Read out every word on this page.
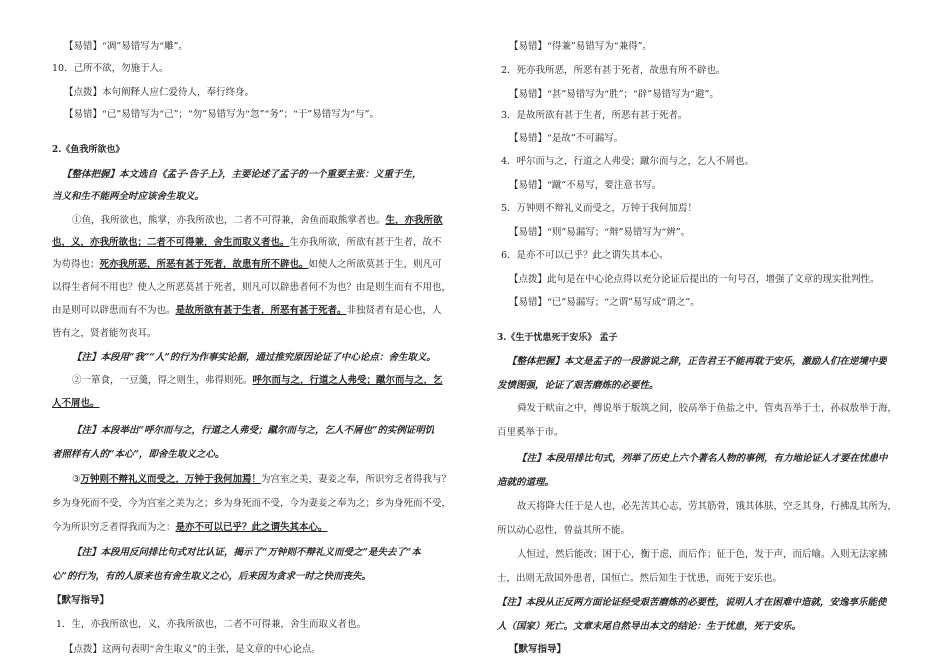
【易错】“凋”易错写为“雕”。
10．己所不欲，勿施于人。
【点拨】本句阐释人应仁爱待人，奉行终身。
【易错】“已”易错写为“己”；“勿”易错写为“忽”“务”；“于”易错写为“与”。
2.《鱼我所欲也》
【整体把握】本文选自《孟子·告子上》，主要论述了孟子的一个重要主张：义重于生，
当义和生不能两全时应该舍生取义。
①鱼，我所欲也，熊掌，亦我所欲也，二者不可得兼，舍鱼而取熊掌者也。生，亦我所欲
也，义，亦我所欲也；二者不可得兼，舍生而取义者也。生亦我所欲，所欲有甚于生者，故不
为苟得也；死亦我所恶，所恶有甚于死者，故患有所不辟也。如使人之所欲莫甚于生，则凡可
以得生者何不用也？使人之所恶莫甚于死者，则凡可以辟患者何不为也？由是则生而有不用也，
由是则可以辟患而有不为也。是故所欲有甚于生者，所恶有甚于死者。非独贤者有是心也，人
皆有之，贤者能勿丧耳。
【注】本段用“我”“人”的行为作事实论据，通过推究原因论证了中心论点：舍生取义。
②一箪食，一豆羹，得之则生，弗得则死。呼尔而与之，行道之人弗受；蹴尔而与之，乞
人不屑也。
【注】本段举出“呼尔而与之，行道之人弗受；蹴尔而与之，乞人不屑也”的实例证明饥
者照样有人的“本心”，即舍生取义之心。
③万钟则不辩礼义而受之，万钟于我何加焉！为宫室之美，妻妾之奉，所识穷乏者得我与？
乡为身死而不受，今为宫室之美为之；乡为身死而不受，今为妻妾之奉为之；乡为身死而不受，
今为所识穷乏者得我而为之：是亦不可以已乎？此之谓失其本心。
【注】本段用反问排比句式对比认证，揭示了“万钟则不辩礼义而受之”是失去了“本
心”的行为，有的人原来也有舍生取义之心，后来因为贪求一时之快而丧失。
【默写指导】
1．生，亦我所欲也，义，亦我所欲也，二者不可得兼，舍生而取义者也。
【点拨】这两句表明“舍生取义”的主张，是文章的中心论点。
【易错】“得兼”易错写为“兼得”。
2．死亦我所恶，所恶有甚于死者，故患有所不辟也。
【易错】“甚”易错写为“胜”；“辟”易错写为“避”。
3．是故所欲有甚于生者，所恶有甚于死者。
【易错】“是故”不可漏写。
4．呼尔而与之，行道之人弗受；蹴尔而与之，乞人不屑也。
【易错】“蹴”不易写，要注意书写。
5．万钟则不辩礼义而受之，万钟于我何加焉！
【易错】“则”易漏写；“辩”易错写为“辨”。
6．是亦不可以已乎？此之谓失其本心。
【点拨】此句是在中心论点得以充分论证后提出的一句号召，增强了文章的现实批判性。
【易错】“已”易漏写；“之谓”易写成“谓之”。
3.《生于忧患死于安乐》 孟子
【整体把握】本文是孟子的一段游说之辞，正告君王不能再耽于安乐，激励人们在逆境中要
发愤图强，论证了艰苦磨炼的必要性。
舜发于畎亩之中，傅说举于版筑之间，胶鬲举于鱼盐之中，管夷吾举于士，孙叔敖举于海，
百里奚举于市。
【注】本段用排比句式，列举了历史上六个著名人物的事例，有力地论证人才要在忧患中
造就的道理。
故天将降大任于是人也，必先苦其心志，劳其筋骨，饿其体肤，空乏其身，行拂乱其所为，
所以动心忍性，曾益其所不能。
人恒过，然后能改；困于心，衡于虑，而后作；征于色，发于声，而后喻。入则无法家拂
士，出则无敌国外患者，国恒亡。然后知生于忧患，而死于安乐也。
【注】本段从正反两方面论证经受艰苦磨炼的必要性，说明人才在困难中造就，安逸享乐能使
人（国家）死亡。文章末尾自然导出本文的结论：生于忧患，死于安乐。
【默写指导】
